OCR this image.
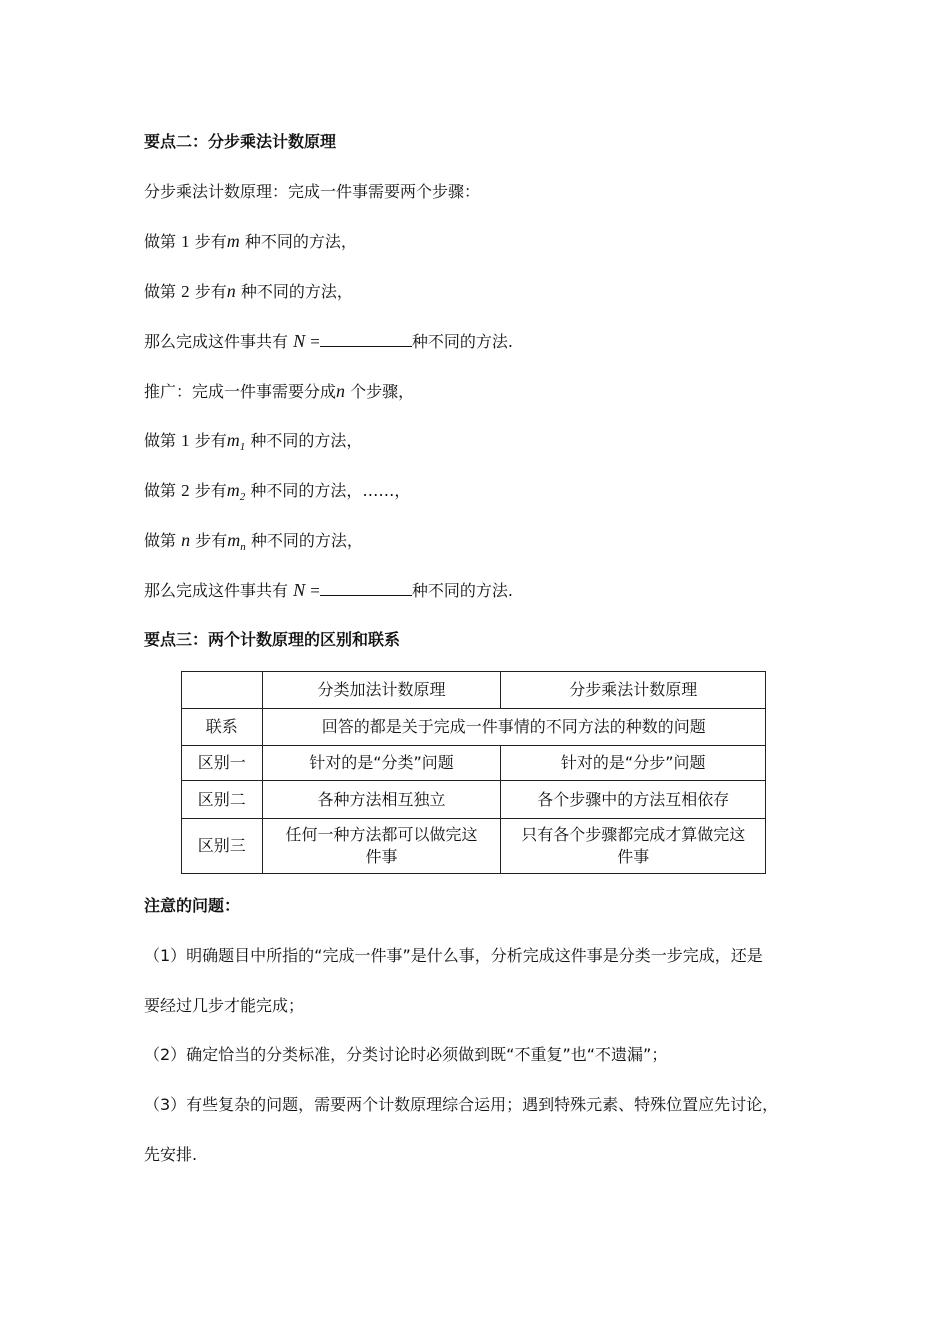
要点二：分步乘法计数原理
分步乘法计数原理：完成一件事需要两个步骤：
做第 1 步有m 种不同的方法，
做第 2 步有n 种不同的方法，
那么完成这件事共有 N =	种不同的方法.
推广：完成一件事需要分成n 个步骤，
做第 1 步有$m_1$ 种不同的方法，
做第 2 步有$m_2$ 种不同的方法，……，
做第 n 步有$m_n$ 种不同的方法，
那么完成这件事共有 N =	种不同的方法.
要点三：两个计数原理的区别和联系
	分类加法计数原理	分步乘法计数原理
联系	回答的都是关于完成一件事情的不同方法的种数的问题	
区别一	针对的是“分类”问题	针对的是“分步”问题
区别二	各种方法相互独立	各个步骤中的方法互相依存
区别三	任何一种方法都可以做完这件事	只有各个步骤都完成才算做完这件事
注意的问题：
（1）明确题目中所指的“完成一件事”是什么事，分析完成这件事是分类一步完成，还是
要经过几步才能完成；
（2）确定恰当的分类标准，分类讨论时必须做到既“不重复”也“不遗漏”；
（3）有些复杂的问题，需要两个计数原理综合运用；遇到特殊元素、特殊位置应先讨论，
先安排.
